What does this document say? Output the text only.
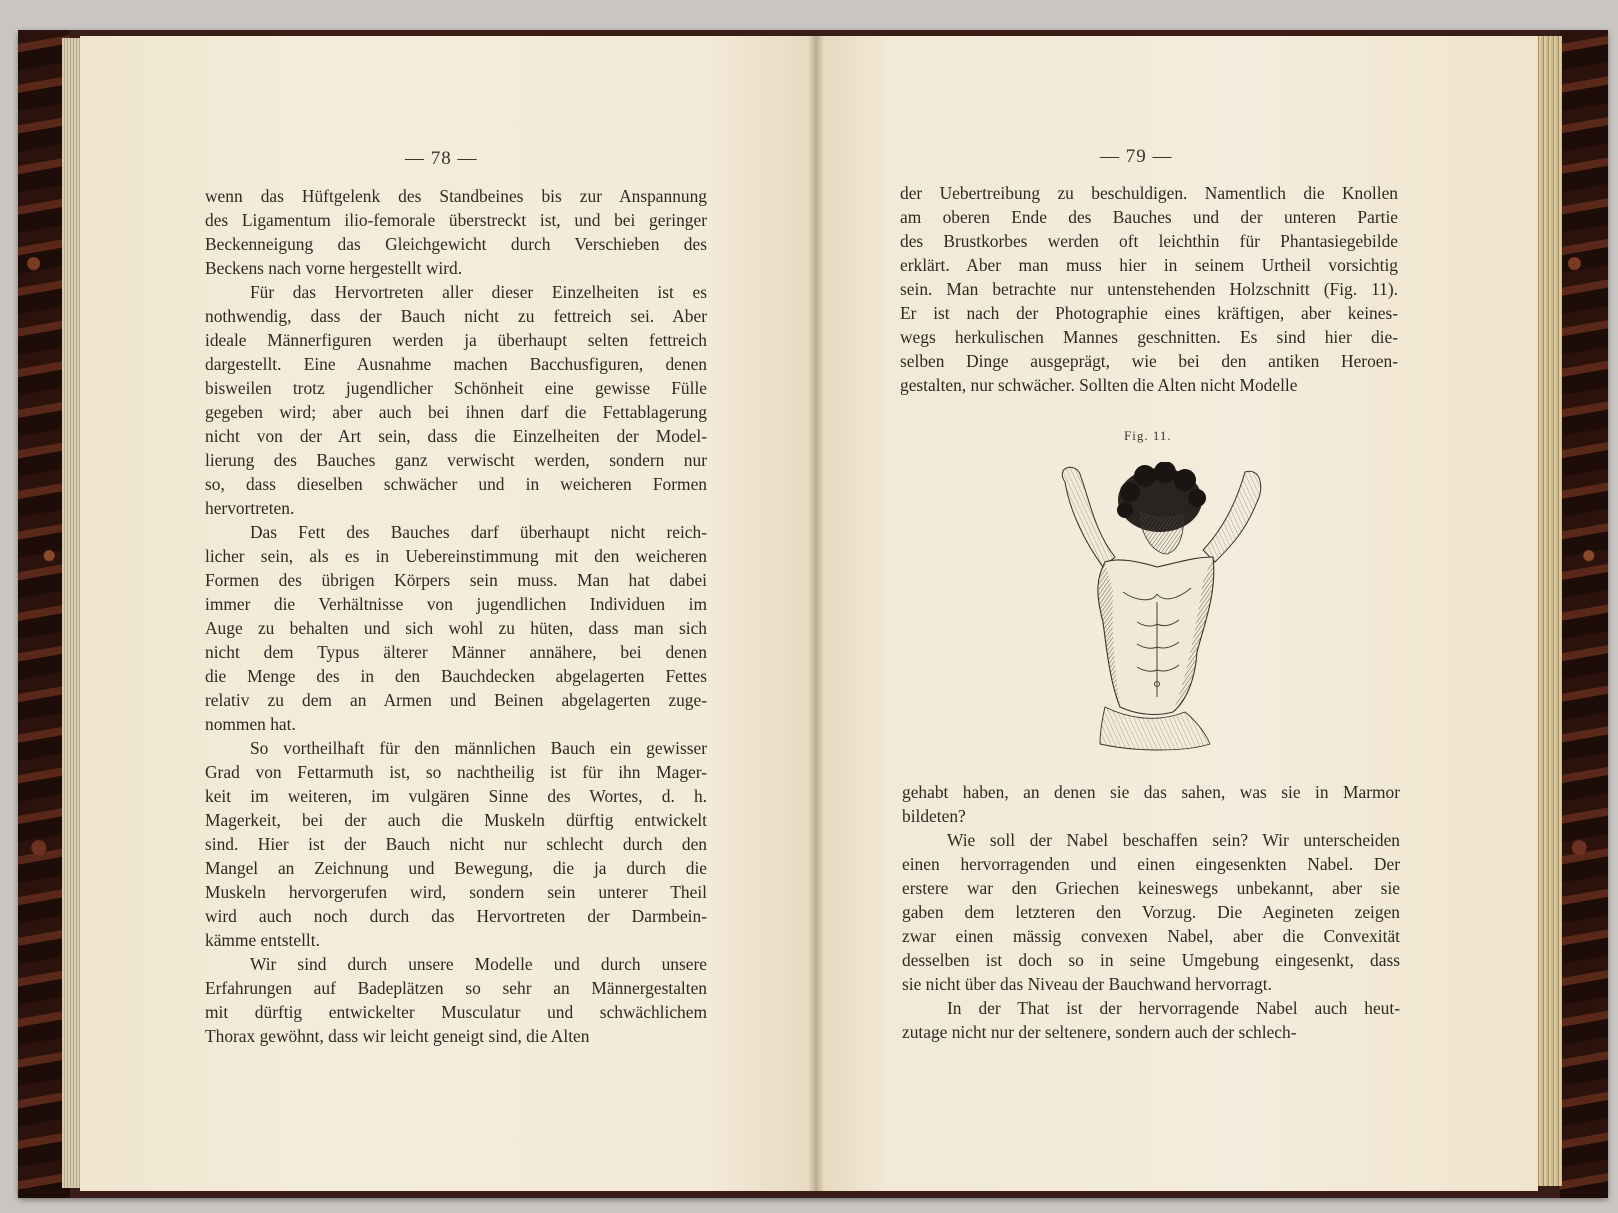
— 78 —	— 79 —
wenn das Hüftgelenk des Standbeines bis zur Anspannung
des Ligamentum ilio-femorale überstreckt ist, und bei geringer
Beckenneigung das Gleichgewicht durch Verschieben des
Beckens nach vorne hergestellt wird.
Für das Hervortreten aller dieser Einzelheiten ist es
nothwendig, dass der Bauch nicht zu fettreich sei. Aber
ideale Männerfiguren werden ja überhaupt selten fettreich
dargestellt. Eine Ausnahme machen Bacchusfiguren, denen
bisweilen trotz jugendlicher Schönheit eine gewisse Fülle
gegeben wird; aber auch bei ihnen darf die Fettablagerung
nicht von der Art sein, dass die Einzelheiten der Model-
lierung des Bauches ganz verwischt werden, sondern nur
so, dass dieselben schwächer und in weicheren Formen
hervortreten.
Das Fett des Bauches darf überhaupt nicht reich-
licher sein, als es in Uebereinstimmung mit den weicheren
Formen des übrigen Körpers sein muss. Man hat dabei
immer die Verhältnisse von jugendlichen Individuen im
Auge zu behalten und sich wohl zu hüten, dass man sich
nicht dem Typus älterer Männer annähere, bei denen
die Menge des in den Bauchdecken abgelagerten Fettes
relativ zu dem an Armen und Beinen abgelagerten zuge-
nommen hat.
So vortheilhaft für den männlichen Bauch ein gewisser
Grad von Fettarmuth ist, so nachtheilig ist für ihn Mager-
keit im weiteren, im vulgären Sinne des Wortes, d. h.
Magerkeit, bei der auch die Muskeln dürftig entwickelt
sind. Hier ist der Bauch nicht nur schlecht durch den
Mangel an Zeichnung und Bewegung, die ja durch die
Muskeln hervorgerufen wird, sondern sein unterer Theil
wird auch noch durch das Hervortreten der Darmbein-
kämme entstellt.
Wir sind durch unsere Modelle und durch unsere
Erfahrungen auf Badeplätzen so sehr an Männergestalten
mit dürftig entwickelter Musculatur und schwächlichem
Thorax gewöhnt, dass wir leicht geneigt sind, die Alten
der Uebertreibung zu beschuldigen. Namentlich die Knollen
am oberen Ende des Bauches und der unteren Partie
des Brustkorbes werden oft leichthin für Phantasiegebilde
erklärt. Aber man muss hier in seinem Urtheil vorsichtig
sein. Man betrachte nur untenstehenden Holzschnitt (Fig. 11).
Er ist nach der Photographie eines kräftigen, aber keines-
wegs herkulischen Mannes geschnitten. Es sind hier die-
selben Dinge ausgeprägt, wie bei den antiken Heroen-
gestalten, nur schwächer. Sollten die Alten nicht Modelle
Fig. 11.
gehabt haben, an denen sie das sahen, was sie in Marmor
bildeten?
Wie soll der Nabel beschaffen sein? Wir unterscheiden
einen hervorragenden und einen eingesenkten Nabel. Der
erstere war den Griechen keineswegs unbekannt, aber sie
gaben dem letzteren den Vorzug. Die Aegineten zeigen
zwar einen mässig convexen Nabel, aber die Convexität
desselben ist doch so in seine Umgebung eingesenkt, dass
sie nicht über das Niveau der Bauchwand hervorragt.
In der That ist der hervorragende Nabel auch heut-
zutage nicht nur der seltenere, sondern auch der schlech-
